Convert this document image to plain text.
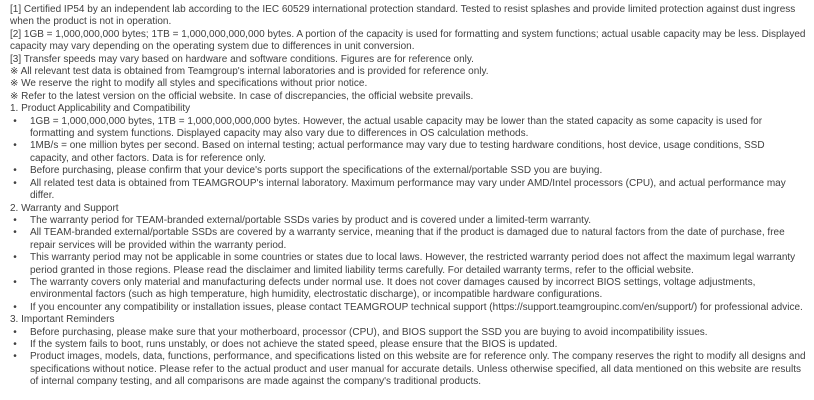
[1] Certified IP54 by an independent lab according to the IEC 60529 international protection standard. Tested to resist splashes and provide limited protection against dust ingress when the product is not in operation.

[2] 1GB = 1,000,000,000 bytes; 1TB = 1,000,000,000,000 bytes. A portion of the capacity is used for formatting and system functions; actual usable capacity may be less. Displayed capacity may vary depending on the operating system due to differences in unit conversion.

[3] Transfer speeds may vary based on hardware and software conditions. Figures are for reference only.

※ All relevant test data is obtained from Teamgroup's internal laboratories and is provided for reference only.

※ We reserve the right to modify all styles and specifications without prior notice.

※ Refer to the latest version on the official website. In case of discrepancies, the official website prevails.

1. Product Applicability and Compatibility

•	1GB = 1,000,000,000 bytes, 1TB = 1,000,000,000,000 bytes. However, the actual usable capacity may be lower than the stated capacity as some capacity is used for formatting and system functions. Displayed capacity may also vary due to differences in OS calculation methods.
•	1MB/s = one million bytes per second. Based on internal testing; actual performance may vary due to testing hardware conditions, host device, usage conditions, SSD capacity, and other factors. Data is for reference only.
•	Before purchasing, please confirm that your device's ports support the specifications of the external/portable SSD you are buying.
•	All related test data is obtained from TEAMGROUP's internal laboratory. Maximum performance may vary under AMD/Intel processors (CPU), and actual performance may differ.

2. Warranty and Support

•	The warranty period for TEAM-branded external/portable SSDs varies by product and is covered under a limited-term warranty.
•	All TEAM-branded external/portable SSDs are covered by a warranty service, meaning that if the product is damaged due to natural factors from the date of purchase, free repair services will be provided within the warranty period.
•	This warranty period may not be applicable in some countries or states due to local laws. However, the restricted warranty period does not affect the maximum legal warranty period granted in those regions. Please read the disclaimer and limited liability terms carefully. For detailed warranty terms, refer to the official website.
•	The warranty covers only material and manufacturing defects under normal use. It does not cover damages caused by incorrect BIOS settings, voltage adjustments, environmental factors (such as high temperature, high humidity, electrostatic discharge), or incompatible hardware configurations.
•	If you encounter any compatibility or installation issues, please contact TEAMGROUP technical support (https://support.teamgroupinc.com/en/support/) for professional advice.

3. Important Reminders

•	Before purchasing, please make sure that your motherboard, processor (CPU), and BIOS support the SSD you are buying to avoid incompatibility issues.
•	If the system fails to boot, runs unstably, or does not achieve the stated speed, please ensure that the BIOS is updated.
•	Product images, models, data, functions, performance, and specifications listed on this website are for reference only. The company reserves the right to modify all designs and specifications without notice. Please refer to the actual product and user manual for accurate details. Unless otherwise specified, all data mentioned on this website are results of internal company testing, and all comparisons are made against the company's traditional products.
